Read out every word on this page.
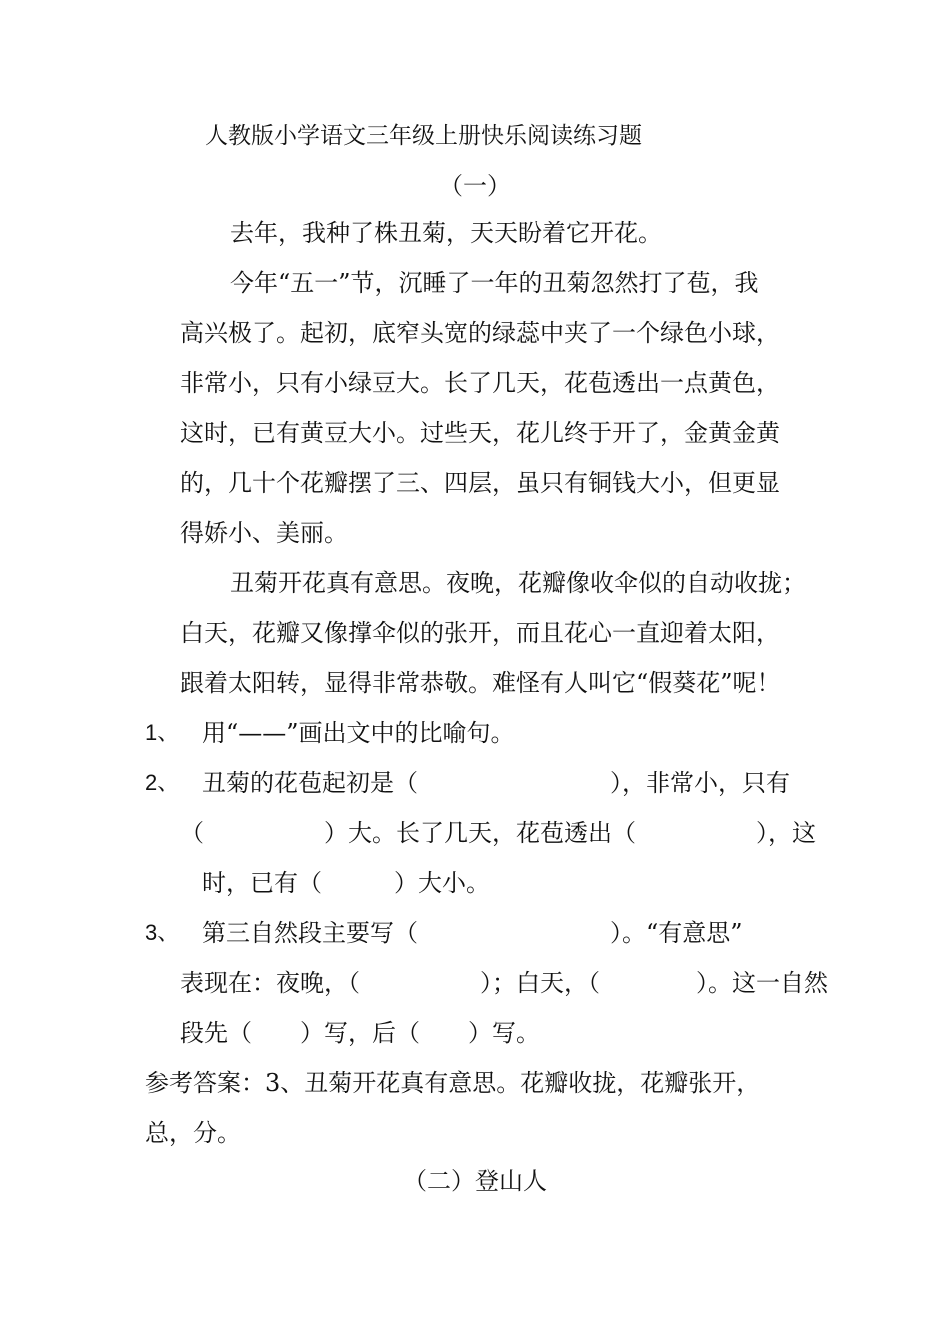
人教版小学语文三年级上册快乐阅读练习题
（一）
去年，我种了株丑菊，天天盼着它开花。
今年“五一”节，沉睡了一年的丑菊忽然打了苞，我
高兴极了。起初，底窄头宽的绿蕊中夹了一个绿色小球，
非常小，只有小绿豆大。长了几天，花苞透出一点黄色，
这时，已有黄豆大小。过些天，花儿终于开了，金黄金黄
的，几十个花瓣摆了三、四层，虽只有铜钱大小，但更显
得娇小、美丽。
丑菊开花真有意思。夜晚，花瓣像收伞似的自动收拢；
白天，花瓣又像撑伞似的张开，而且花心一直迎着太阳，
跟着太阳转，显得非常恭敬。难怪有人叫它“假葵花”呢！
1、 用“——”画出文中的比喻句。
2、 丑菊的花苞起初是（　　　　　　　　），非常小，只有
（　　　　　）大。长了几天，花苞透出（　　　　　），这
时，已有（　　　）大小。
3、 第三自然段主要写（　　　　　　　　）。“有意思”
表现在：夜晚，（　　　　　）；白天，（　　　　）。这一自然
段先（　　）写，后（　　）写。
参考答案：3、丑菊开花真有意思。花瓣收拢，花瓣张开，
总，分。
（二）登山人
